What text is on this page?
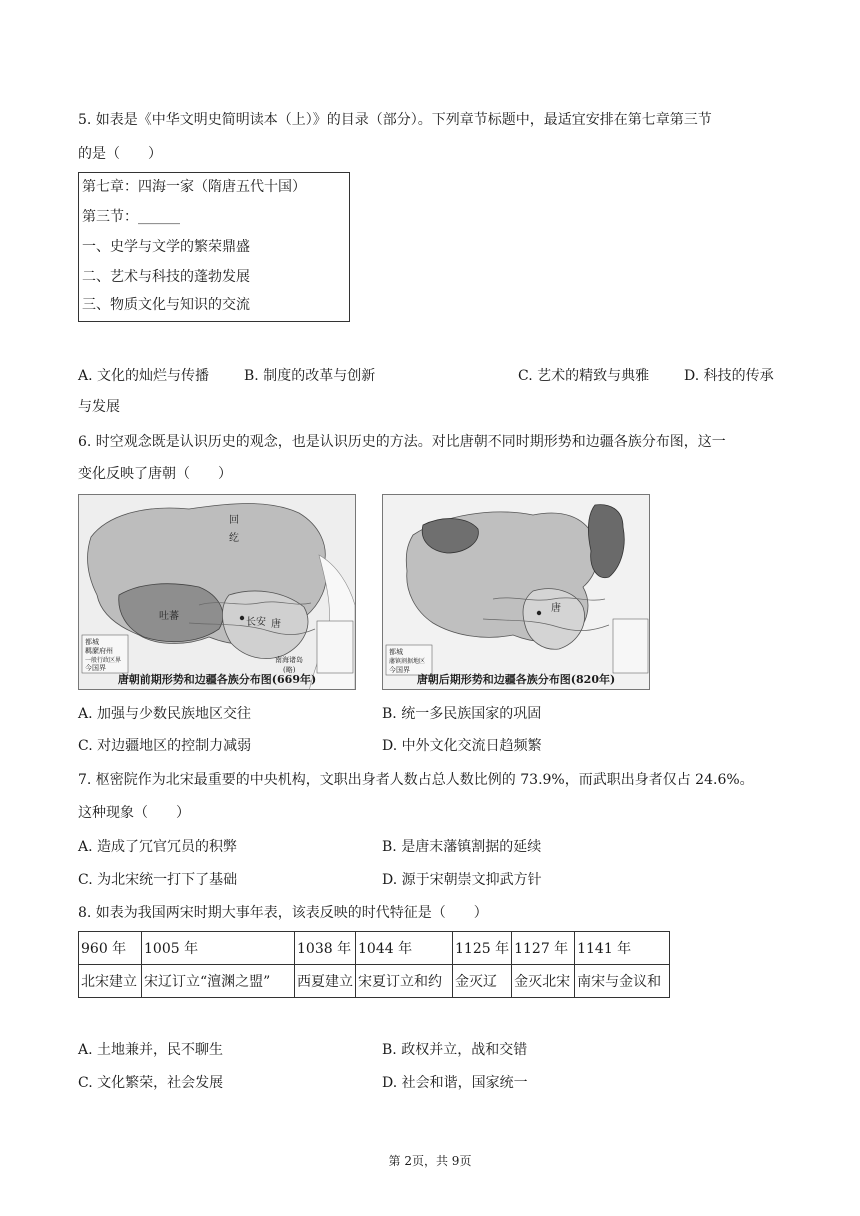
5. 如表是《中华文明史简明读本（上）》的目录（部分）。下列章节标题中，最适宜安排在第七章第三节
的是（　　）
第七章：四海一家（隋唐五代十国）
第三节：______
一、史学与文学的繁荣鼎盛
二、艺术与科技的蓬勃发展
三、物质文化与知识的交流
A. 文化的灿烂与传播 B. 制度的改革与创新	C. 艺术的精致与典雅 D. 科技的传承
与发展
6. 时空观念既是认识历史的观念，也是认识历史的方法。对比唐朝不同时期形势和边疆各族分布图，这一
变化反映了唐朝（　　）
回
纥
吐蕃
唐
长安
都城
羁縻府州
一般行政区界
今国界
南海诸岛
(略)
唐朝前期形势和边疆各族分布图(669年)
唐
都城
藩镇割据地区
今国界
唐朝后期形势和边疆各族分布图(820年)
A. 加强与少数民族地区交往	B. 统一多民族国家的巩固
C. 对边疆地区的控制力减弱	D. 中外文化交流日趋频繁
7. 枢密院作为北宋最重要的中央机构，文职出身者人数占总人数比例的 73.9%，而武职出身者仅占 24.6%。
这种现象（　　）
A. 造成了冗官冗员的积弊	B. 是唐末藩镇割据的延续
C. 为北宋统一打下了基础	D. 源于宋朝崇文抑武方针
8. 如表为我国两宋时期大事年表，该表反映的时代特征是（　　）
960 年	1005 年	1038 年	1044 年	1125 年	1127 年	1141 年
北宋建立	宋辽订立“澶渊之盟”	西夏建立	宋夏订立和约	金灭辽	金灭北宋	南宋与金议和
A. 土地兼并，民不聊生	B. 政权并立，战和交错
C. 文化繁荣，社会发展	D. 社会和谐，国家统一
第 2页，共 9页
